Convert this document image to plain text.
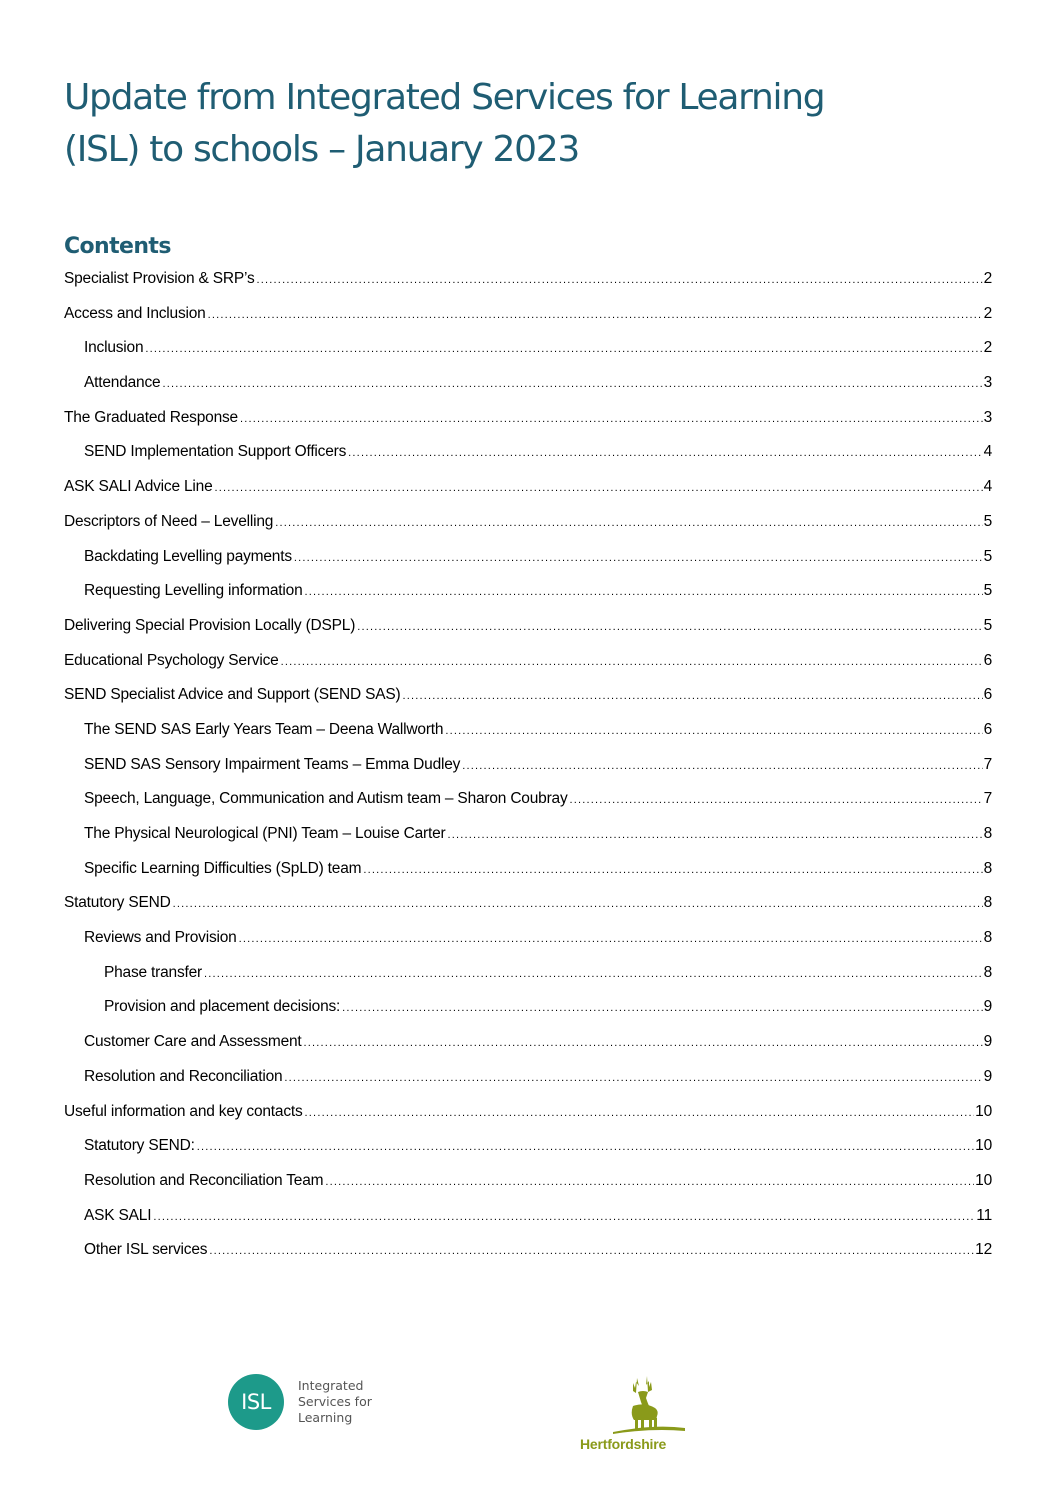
Update from Integrated Services for Learning
(ISL) to schools – January 2023
Contents
Specialist Provision & SRP’s .....	2
Access and Inclusion .....	2
Inclusion .....	2
Attendance .....	3
The Graduated Response .....	3
SEND Implementation Support Officers .....	4
ASK SALI Advice Line .....	4
Descriptors of Need – Levelling .....	5
Backdating Levelling payments .....	5
Requesting Levelling information .....	5
Delivering Special Provision Locally (DSPL) .....	5
Educational Psychology Service .....	6
SEND Specialist Advice and Support (SEND SAS) .....	6
The SEND SAS Early Years Team – Deena Wallworth .....	6
SEND SAS Sensory Impairment Teams – Emma Dudley .....	7
Speech, Language, Communication and Autism team – Sharon Coubray .....	7
The Physical Neurological (PNI) Team – Louise Carter .....	8
Specific Learning Difficulties (SpLD) team .....	8
Statutory SEND .....	8
Reviews and Provision .....	8
Phase transfer .....	8
Provision and placement decisions: .....	9
Customer Care and Assessment .....	9
Resolution and Reconciliation .....	9
Useful information and key contacts .....	10
Statutory SEND: .....	10
Resolution and Reconciliation Team .....	10
ASK SALI .....	11
Other ISL services .....	12
ISL
Integrated
Services for
Learning
Hertfordshire
